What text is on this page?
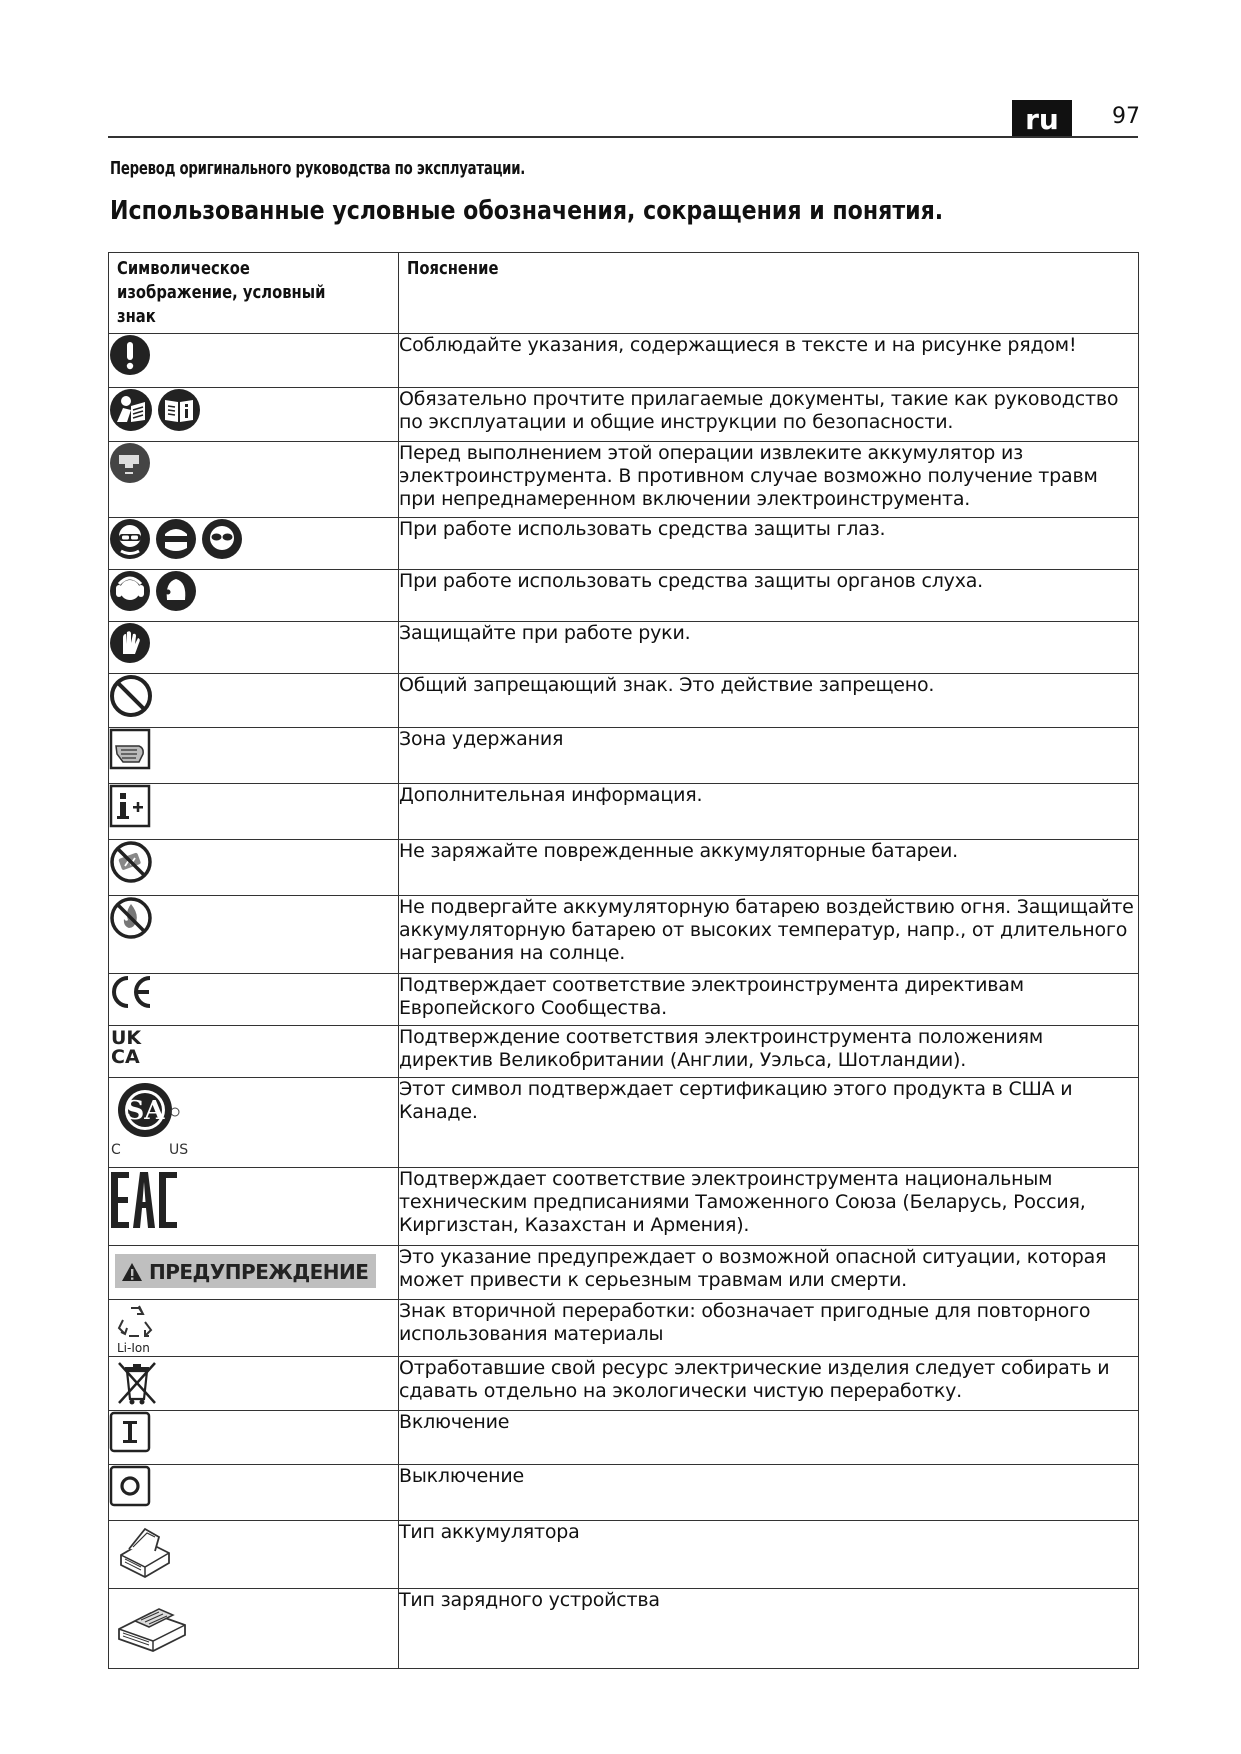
ru	97
Перевод оригинального руководства по эксплуатации.
Использованные условные обозначения, сокращения и понятия.
Символическое изображение, условный знак	Пояснение

	Соблюдайте указания, содержащиеся в тексте и на рисунке рядом!

	Обязательно прочтите прилагаемые документы, такие как руководство по эксплуатации и общие инструкции по безопасности.

	Перед выполнением этой операции извлеките аккумулятор из электроинструмента. В противном случае возможно получение травм при непреднамеренном включении электроинструмента.

	При работе использовать средства защиты глаз.

	При работе использовать средства защиты органов слуха.

	Защищайте при работе руки.

	Общий запрещающий знак. Это действие запрещено.

	Зона удержания

	Дополнительная информация.

	Не заряжайте поврежденные аккумуляторные батареи.

	Не подвергайте аккумуляторную батарею воздействию огня. Защищайте аккумуляторную батарею от высоких температур, напр., от длительного нагревания на солнце.

	Подтверждает соответствие электроинструмента директивам Европейского Сообщества.

UK
CA	Подтверждение соответствия электроинструмента положениям директив Великобритании (Англии, Уэльса, Шотландии).

SA
C US	Этот символ подтверждает сертификацию этого продукта в США и Канаде.

	Подтверждает соответствие электроинструмента национальным техническим предписаниями Таможенного Союза (Беларусь, Россия, Киргизстан, Казахстан и Армения).

ПРЕДУПРЕЖДЕНИЕ	Это указание предупреждает о возможной опасной ситуации, которая может привести к серьезным травмам или смерти.

Li-Ion	Знак вторичной переработки: обозначает пригодные для повторного использования материалы

	Отработавшие свой ресурс электрические изделия следует собирать и сдавать отдельно на экологически чистую переработку.

	Включение

	Выключение

	Тип аккумулятора

	Тип зарядного устройства
